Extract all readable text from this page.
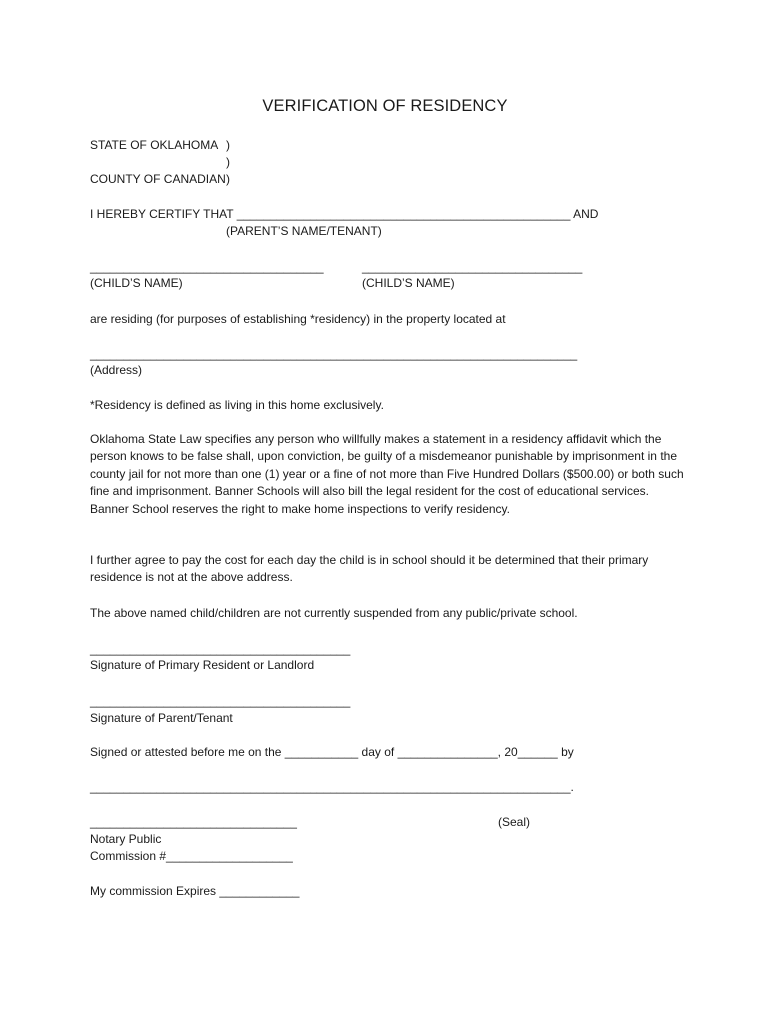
VERIFICATION OF RESIDENCY
STATE OF OKLAHOMA )
)
COUNTY OF CANADIAN )
I HEREBY CERTIFY THAT __________________________________________________ AND
(PARENT’S NAME/TENANT)
___________________________________	_________________________________
(CHILD’S NAME)	(CHILD’S NAME)
are residing (for purposes of establishing *residency) in the property located at
_________________________________________________________________________
(Address)
*Residency is defined as living in this home exclusively.
Oklahoma State Law specifies any person who willfully makes a statement in a residency affidavit which the person knows to be false shall, upon conviction, be guilty of a misdemeanor punishable by imprisonment in the county jail for not more than one (1) year or a fine of not more than Five Hundred Dollars ($500.00) or both such fine and imprisonment. Banner Schools will also bill the legal resident for the cost of educational services. Banner School reserves the right to make home inspections to verify residency.
I further agree to pay the cost for each day the child is in school should it be determined that their primary residence is not at the above address.
The above named child/children are not currently suspended from any public/private school.
_______________________________________
Signature of Primary Resident or Landlord
_______________________________________
Signature of Parent/Tenant
Signed or attested before me on the ___________ day of _______________, 20______ by
________________________________________________________________________.
_______________________________	(Seal)
Notary Public
Commission #___________________
My commission Expires ____________
